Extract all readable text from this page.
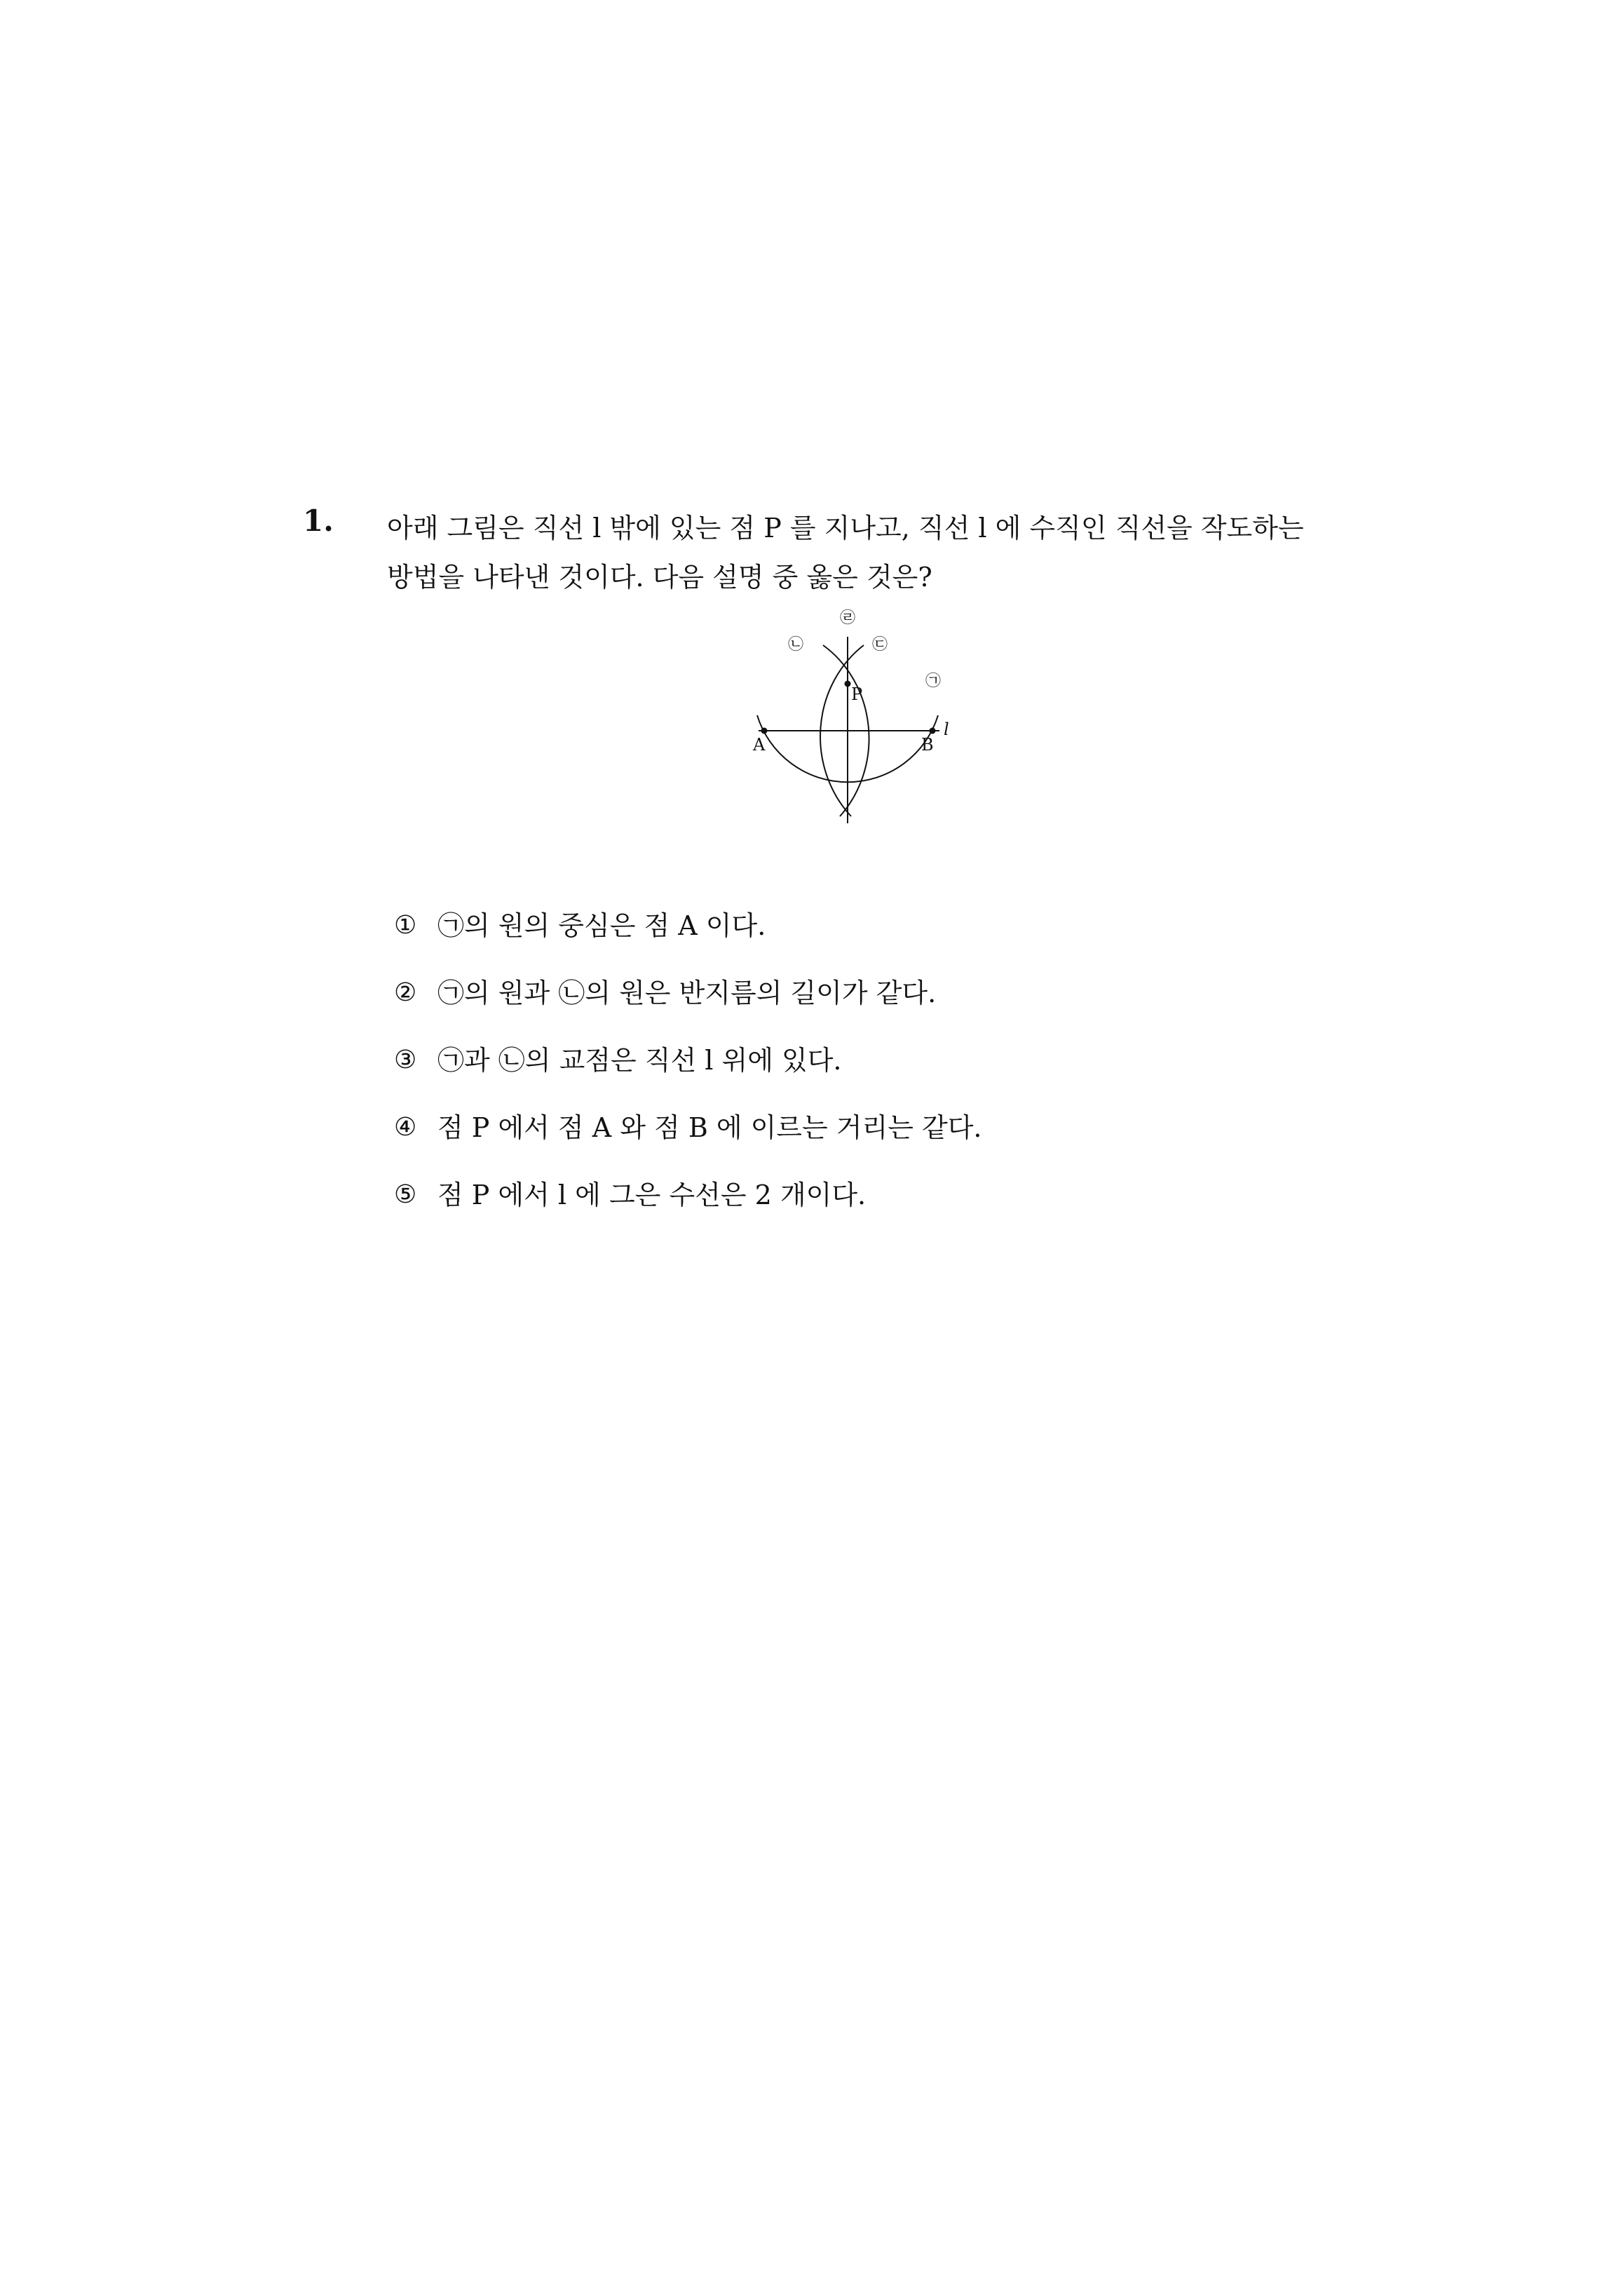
1. 아래 그림은 직선 l 밖에 있는 점 P 를 지나고, 직선 l 에 수직인 직선을 작도하는
방법을 나타낸 것이다. 다음 설명 중 옳은 것은?

P
A	B
l
㉠
㉡	㉢
㉣
① ㉠의 원의 중심은 점 A 이다.
② ㉠의 원과 ㉡의 원은 반지름의 길이가 같다.
③ ㉠과 ㉡의 교점은 직선 l 위에 있다.
④ 점 P 에서 점 A 와 점 B 에 이르는 거리는 같다.
⑤ 점 P 에서 l 에 그은 수선은 2 개이다.
